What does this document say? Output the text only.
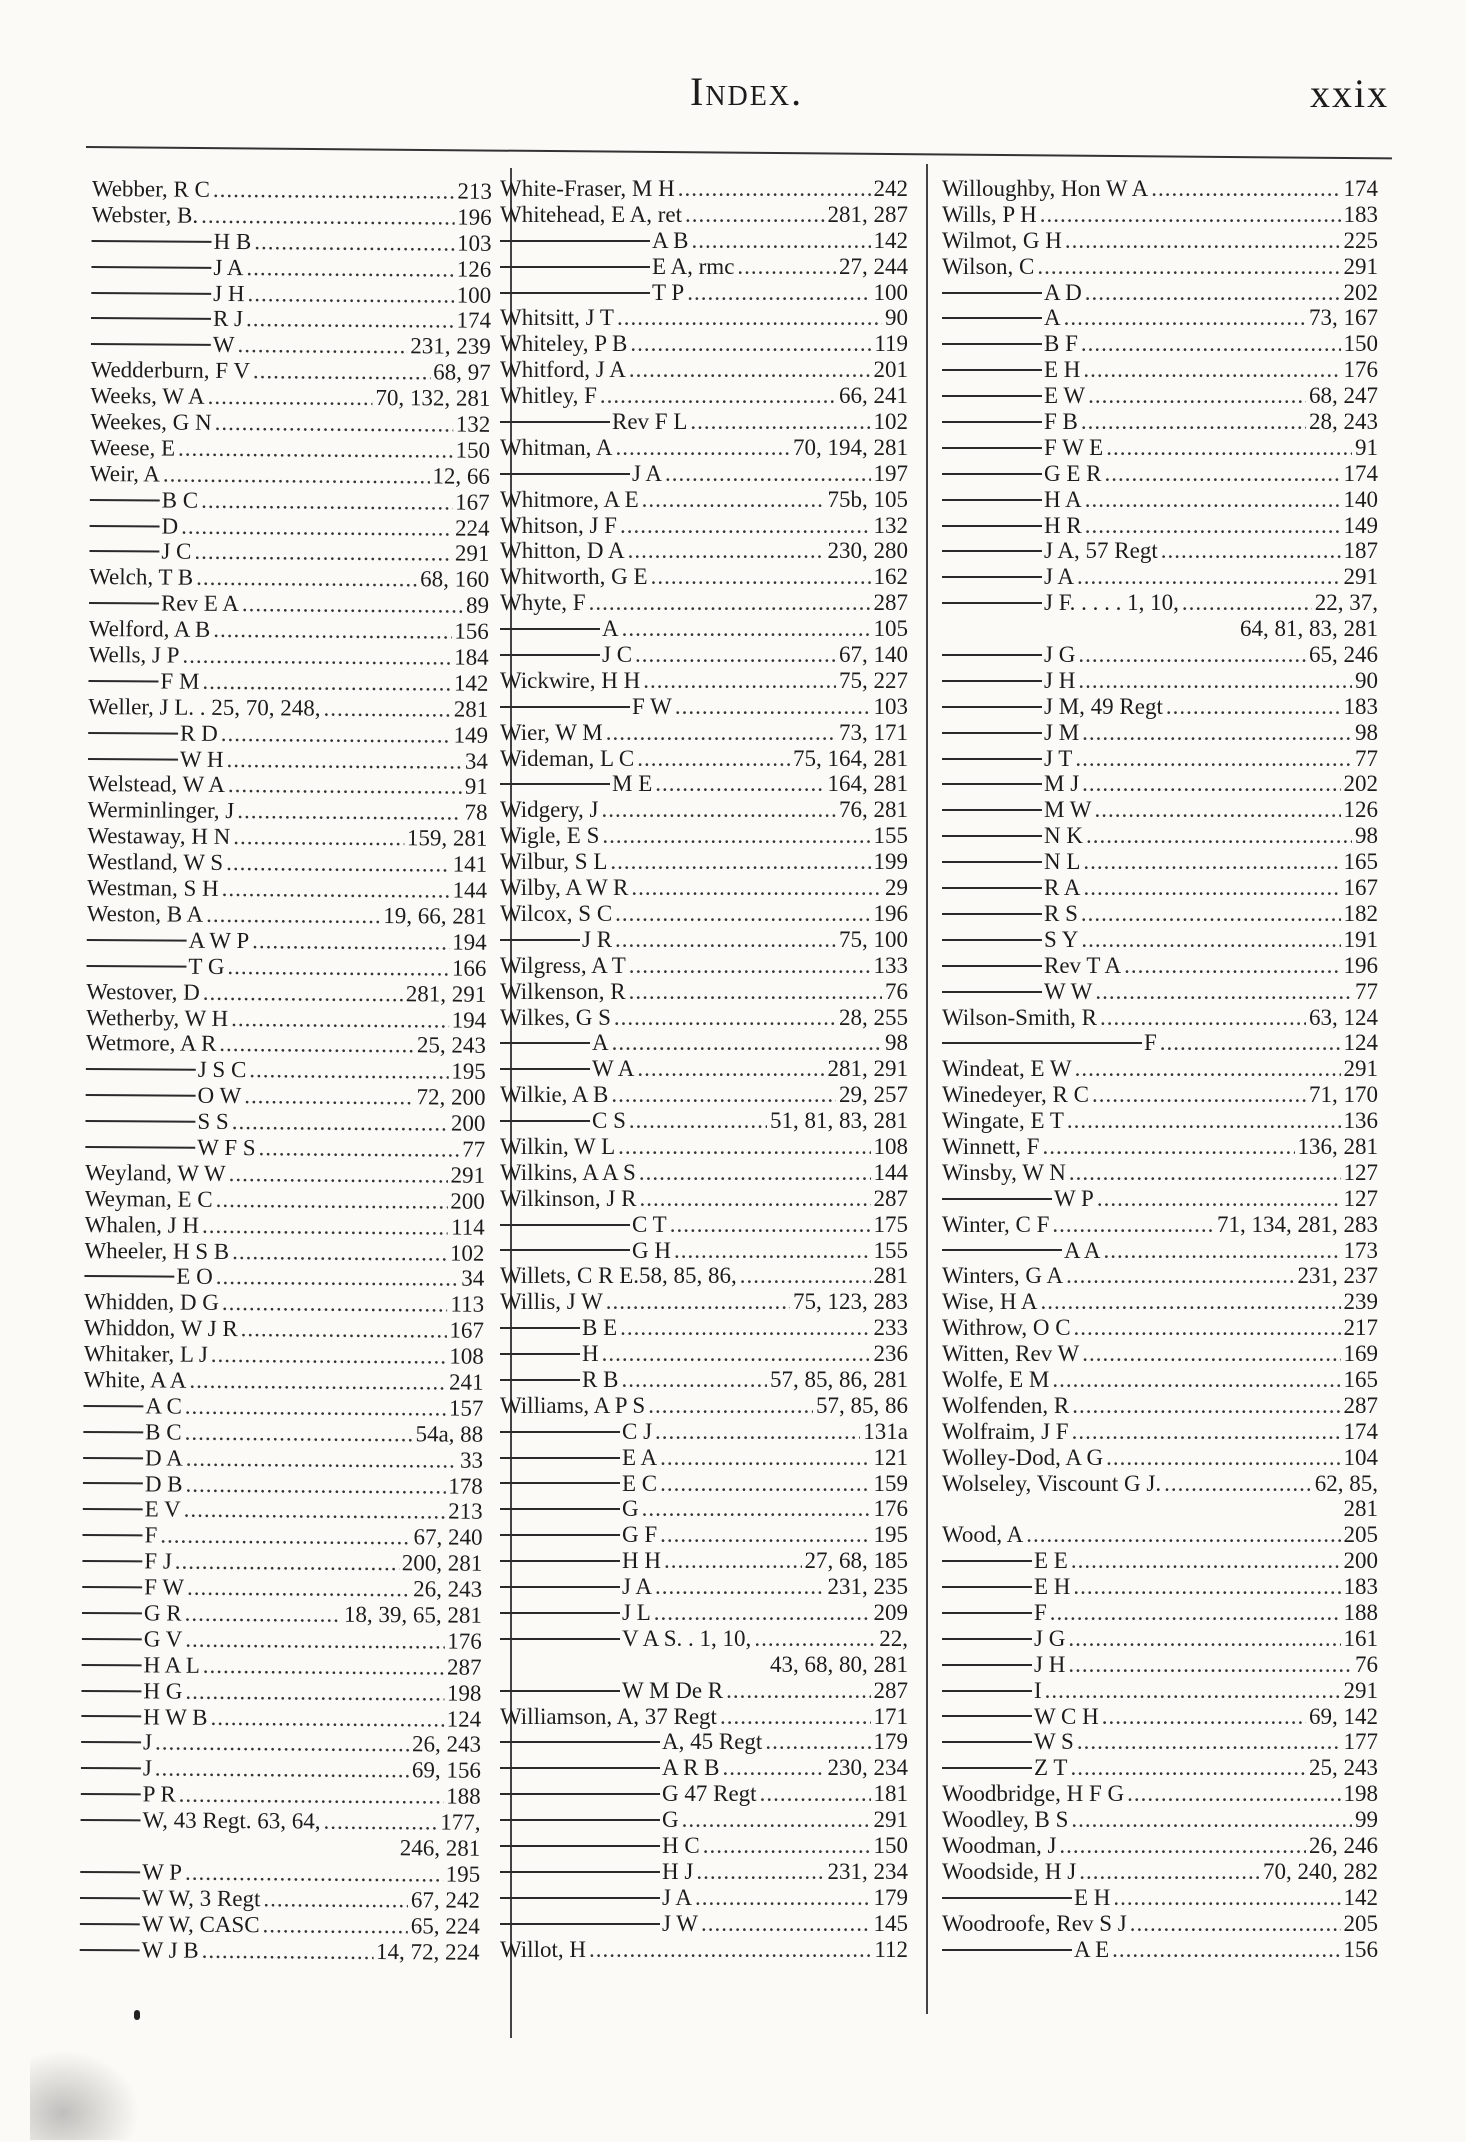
Index.	xxix
Webber, R C .....	213
Webster, B. .....	196
H B .....	103
J A .....	126
J H .....	100
R J .....	174
W .....	231, 239
Wedderburn, F V .....	68, 97
Weeks, W A .....	70, 132, 281
Weekes, G N .....	132
Weese, E .....	150
Weir, A .....	12, 66
B C .....	167
D .....	224
J C .....	291
Welch, T B .....	68, 160
Rev E A .....	89
Welford, A B .....	156
Wells, J P .....	184
F M .....	142
Weller, J L. . 25, 70, 248, .....	281
R D .....	149
W H .....	34
Welstead, W A .....	91
Werminlinger, J .....	78
Westaway, H N .....	159, 281
Westland, W S .....	141
Westman, S H .....	144
Weston, B A .....	19, 66, 281
A W P .....	194
T G .....	166
Westover, D .....	281, 291
Wetherby, W H .....	194
Wetmore, A R .....	25, 243
J S C .....	195
O W .....	72, 200
S S .....	200
W F S .....	77
Weyland, W W .....	291
Weyman, E C .....	200
Whalen, J H .....	114
Wheeler, H S B .....	102
E O .....	34
Whidden, D G .....	113
Whiddon, W J R .....	167
Whitaker, L J .....	108
White, A A .....	241
A C .....	157
B C .....	54a, 88
D A .....	33
D B .....	178
E V .....	213
F .....	67, 240
F J .....	200, 281
F W .....	26, 243
G R .....	18, 39, 65, 281
G V .....	176
H A L .....	287
H G .....	198
H W B .....	124
J .....	26, 243
J .....	69, 156
P R .....	188
W, 43 Regt. 63, 64, .....	177,
246, 281
W P .....	195
W W, 3 Regt .....	67, 242
W W, CASC .....	65, 224
W J B .....	14, 72, 224
White-Fraser, M H .....	242
Whitehead, E A, ret .....	281, 287
A B .....	142
E A, rmc .....	27, 244
T P .....	100
Whitsitt, J T .....	90
Whiteley, P B .....	119
Whitford, J A .....	201
Whitley, F .....	66, 241
Rev F L .....	102
Whitman, A .....	70, 194, 281
J A .....	197
Whitmore, A E .....	75b, 105
Whitson, J F .....	132
Whitton, D A .....	230, 280
Whitworth, G E .....	162
Whyte, F .....	287
A .....	105
J C .....	67, 140
Wickwire, H H .....	75, 227
F W .....	103
Wier, W M .....	73, 171
Wideman, L C .....	75, 164, 281
M E .....	164, 281
Widgery, J .....	76, 281
Wigle, E S .....	155
Wilbur, S L .....	199
Wilby, A W R .....	29
Wilcox, S C .....	196
J R .....	75, 100
Wilgress, A T .....	133
Wilkenson, R .....	76
Wilkes, G S .....	28, 255
A .....	98
W A .....	281, 291
Wilkie, A B .....	29, 257
C S .....	51, 81, 83, 281
Wilkin, W L .....	108
Wilkins, A A S .....	144
Wilkinson, J R .....	287
C T .....	175
G H .....	155
Willets, C R E.58, 85, 86, .....	281
Willis, J W .....	75, 123, 283
B E .....	233
H .....	236
R B .....	57, 85, 86, 281
Williams, A P S .....	57, 85, 86
C J .....	131a
E A .....	121
E C .....	159
G .....	176
G F .....	195
H H .....	27, 68, 185
J A .....	231, 235
J L .....	209
V A S. . 1, 10, .....	22,
43, 68, 80, 281
W M De R .....	287
Williamson, A, 37 Regt .....	171
A, 45 Regt .....	179
A R B .....	230, 234
G 47 Regt .....	181
G .....	291
H C .....	150
H J .....	231, 234
J A .....	179
J W .....	145
Willot, H .....	112
Willoughby, Hon W A .....	174
Wills, P H .....	183
Wilmot, G H .....	225
Wilson, C .....	291
A D .....	202
A .....	73, 167
B F .....	150
E H .....	176
E W .....	68, 247
F B .....	28, 243
F W E .....	91
G E R .....	174
H A .....	140
H R .....	149
J A, 57 Regt .....	187
J A .....	291
J F. . . . . 1, 10, .....	22, 37,
64, 81, 83, 281
J G .....	65, 246
J H .....	90
J M, 49 Regt .....	183
J M .....	98
J T .....	77
M J .....	202
M W .....	126
N K .....	98
N L .....	165
R A .....	167
R S .....	182
S Y .....	191
Rev T A .....	196
W W .....	77
Wilson-Smith, R .....	63, 124
F .....	124
Windeat, E W .....	291
Winedeyer, R C .....	71, 170
Wingate, E T .....	136
Winnett, F .....	136, 281
Winsby, W N .....	127
W P .....	127
Winter, C F .....	71, 134, 281, 283
A A .....	173
Winters, G A .....	231, 237
Wise, H A .....	239
Withrow, O C .....	217
Witten, Rev W .....	169
Wolfe, E M .....	165
Wolfenden, R .....	287
Wolfraim, J F .....	174
Wolley-Dod, A G .....	104
Wolseley, Viscount G J. .....	62, 85,
281
Wood, A .....	205
E E .....	200
E H .....	183
F .....	188
J G .....	161
J H .....	76
I .....	291
W C H .....	69, 142
W S .....	177
Z T .....	25, 243
Woodbridge, H F G .....	198
Woodley, B S .....	99
Woodman, J .....	26, 246
Woodside, H J .....	70, 240, 282
E H .....	142
Woodroofe, Rev S J .....	205
A E .....	156
